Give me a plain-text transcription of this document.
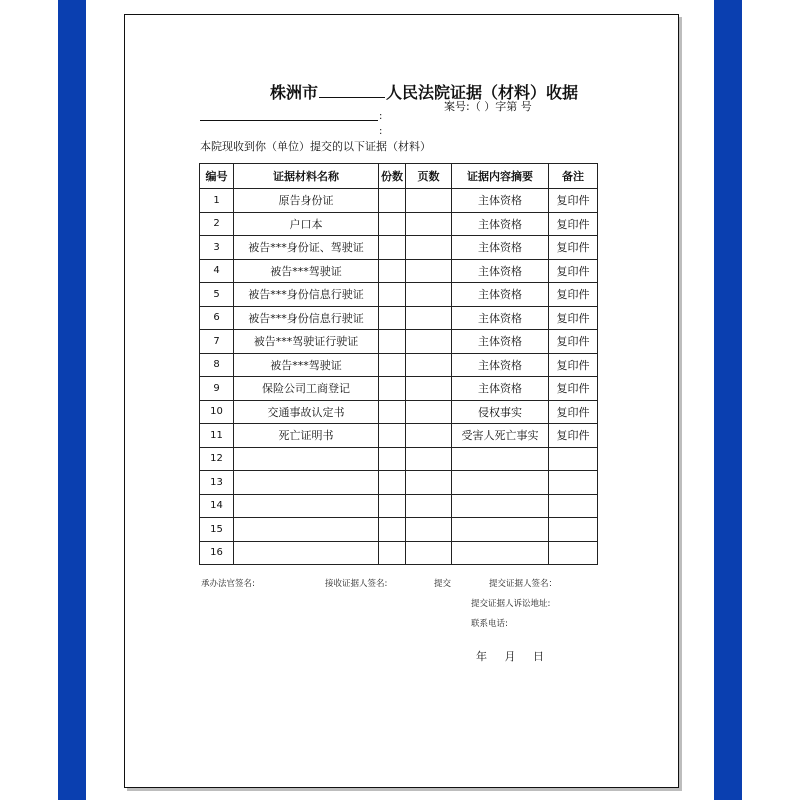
株洲市	人民法院证据（材料）收据
案号:（ ）字第 号
:
:
本院现收到你（单位）提交的以下证据（材料）
编号	证据材料名称	份数	页数	证据内容摘要	备注
1	原告身份证			主体资格	复印件
2	户口本			主体资格	复印件
3	被告***身份证、驾驶证			主体资格	复印件
4	被告***驾驶证			主体资格	复印件
5	被告***身份信息行驶证			主体资格	复印件
6	被告***身份信息行驶证			主体资格	复印件
7	被告***驾驶证行驶证			主体资格	复印件
8	被告***驾驶证			主体资格	复印件
9	保险公司工商登记			主体资格	复印件
10	交通事故认定书			侵权事实	复印件
11	死亡证明书			受害人死亡事实	复印件
12					
13					
14					
15					
16					
承办法官签名:	接收证据人签名:	提交	提交证据人签名：
提交证据人诉讼地址:
联系电话:
年 月 日
